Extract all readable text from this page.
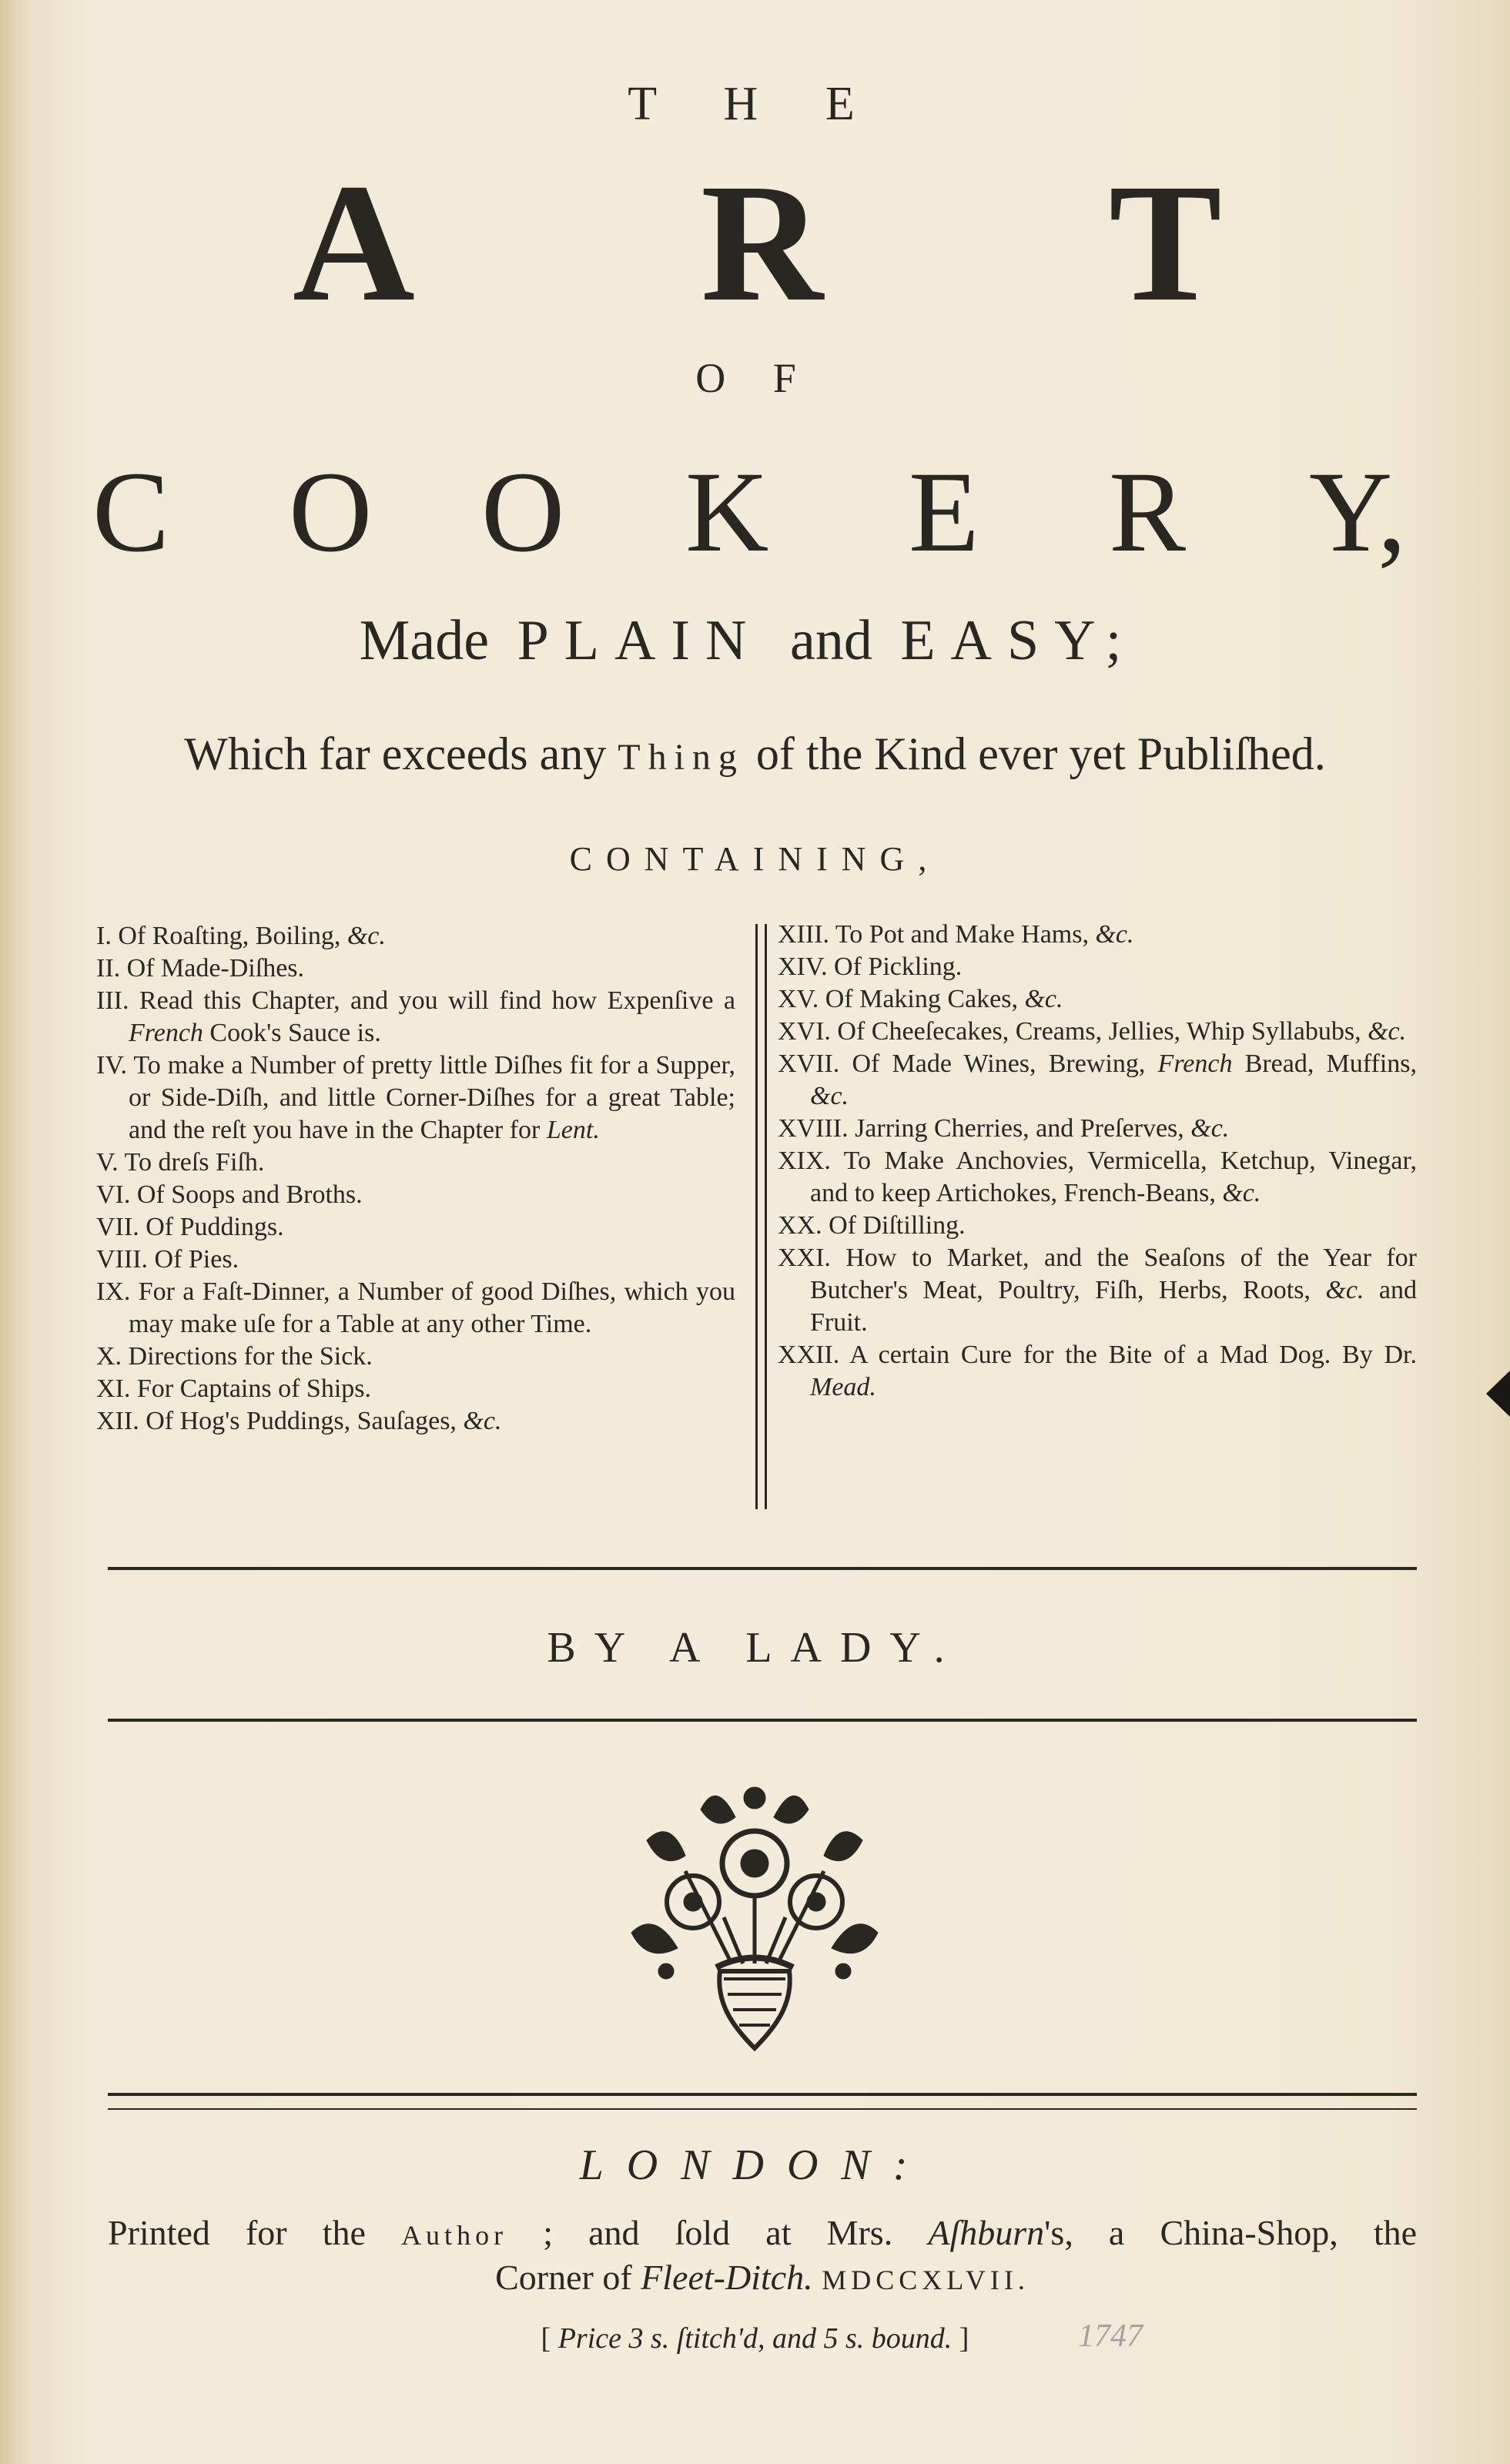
T H E
A R T
O F
C O O K E R Y,
Made PLAIN and EASY;
Which far exceeds any Thing of the Kind ever yet Publiſhed.
CONTAINING,
I. Of Roaſting, Boiling, &c.
II. Of Made-Diſhes.
III. Read this Chapter, and you will find how Expenſive a French Cook's Sauce is.
IV. To make a Number of pretty little Diſhes fit for a Supper, or Side-Diſh, and little Corner-Diſhes for a great Table; and the reſt you have in the Chapter for Lent.
V. To dreſs Fiſh.
VI. Of Soops and Broths.
VII. Of Puddings.
VIII. Of Pies.
IX. For a Faſt-Dinner, a Number of good Diſhes, which you may make uſe for a Table at any other Time.
X. Directions for the Sick.
XI. For Captains of Ships.
XII. Of Hog's Puddings, Sauſages, &c.
XIII. To Pot and Make Hams, &c.
XIV. Of Pickling.
XV. Of Making Cakes, &c.
XVI. Of Cheeſecakes, Creams, Jellies, Whip Syllabubs, &c.
XVII. Of Made Wines, Brewing, French Bread, Muffins, &c.
XVIII. Jarring Cherries, and Preſerves, &c.
XIX. To Make Anchovies, Vermicella, Ketchup, Vinegar, and to keep Artichokes, French-Beans, &c.
XX. Of Diſtilling.
XXI. How to Market, and the Seaſons of the Year for Butcher's Meat, Poultry, Fiſh, Herbs, Roots, &c. and Fruit.
XXII. A certain Cure for the Bite of a Mad Dog. By Dr. Mead.
BY A LADY.
LONDON:
Printed for the Author ; and ſold at Mrs. Aſhburn's, a China-Shop, the
Corner of Fleet-Ditch. MDCCXLVII.
[ Price 3 s. ſtitch'd, and 5 s. bound. ]	1747
